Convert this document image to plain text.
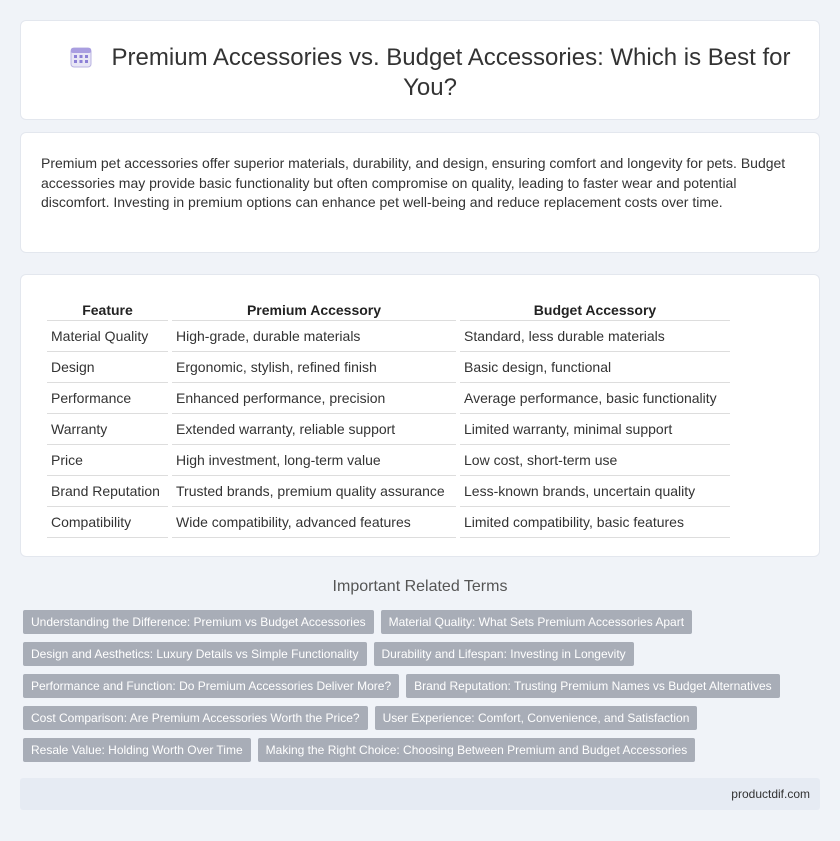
Premium Accessories vs. Budget Accessories: Which is Best for You?

Premium pet accessories offer superior materials, durability, and design, ensuring comfort and longevity for pets. Budget accessories may provide basic functionality but often compromise on quality, leading to faster wear and potential discomfort. Investing in premium options can enhance pet well-being and reduce replacement costs over time.

Feature	Premium Accessory	Budget Accessory
Material Quality	High-grade, durable materials	Standard, less durable materials
Design	Ergonomic, stylish, refined finish	Basic design, functional
Performance	Enhanced performance, precision	Average performance, basic functionality
Warranty	Extended warranty, reliable support	Limited warranty, minimal support
Price	High investment, long-term value	Low cost, short-term use
Brand Reputation	Trusted brands, premium quality assurance	Less-known brands, uncertain quality
Compatibility	Wide compatibility, advanced features	Limited compatibility, basic features
Important Related Terms
Understanding the Difference: Premium vs Budget Accessories	Material Quality: What Sets Premium Accessories Apart
Design and Aesthetics: Luxury Details vs Simple Functionality	Durability and Lifespan: Investing in Longevity
Performance and Function: Do Premium Accessories Deliver More?	Brand Reputation: Trusting Premium Names vs Budget Alternatives
Cost Comparison: Are Premium Accessories Worth the Price?	User Experience: Comfort, Convenience, and Satisfaction
Resale Value: Holding Worth Over Time	Making the Right Choice: Choosing Between Premium and Budget Accessories
productdif.com
